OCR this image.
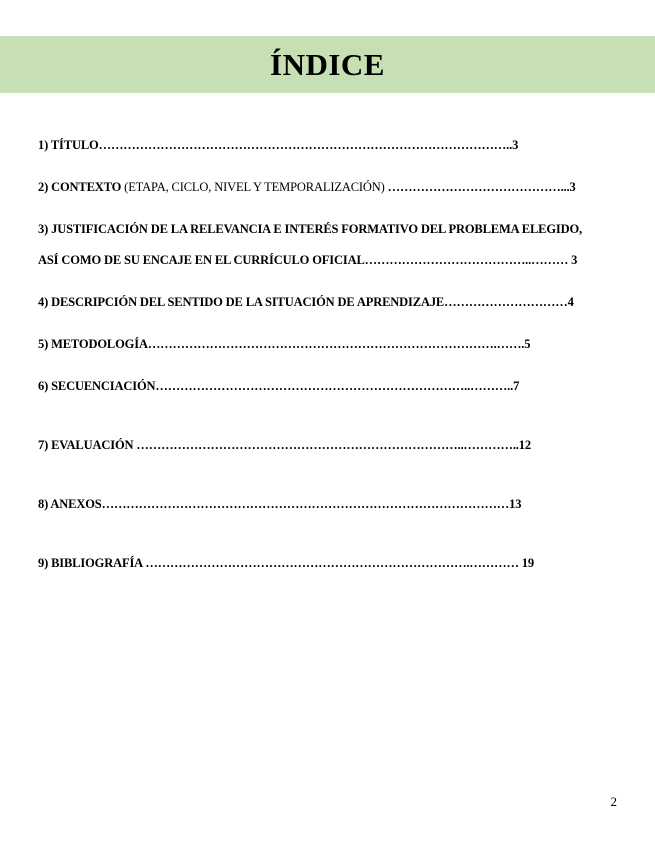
ÍNDICE
1) TÍTULO………………………………………………………………………………………..3
2) CONTEXTO (ETAPA, CICLO, NIVEL Y TEMPORALIZACIÓN) ……………………………………...3
3) JUSTIFICACIÓN DE LA RELEVANCIA E INTERÉS FORMATIVO DEL PROBLEMA ELEGIDO,
ASÍ COMO DE SU ENCAJE EN EL CURRÍCULO OFICIAL…………………………………..……… 3
4) DESCRIPCIÓN DEL SENTIDO DE LA SITUACIÓN DE APRENDIZAJE…………………………4
5) METODOLOGÍA………………………………………………………………………….…….5
6) SECUENCIACIÓN…………………………………………………………………..………..7
7) EVALUACIÓN ……………………………………………………………………..…………..12
8) ANEXOS………………………………………………………………………………………13
9) BIBLIOGRAFÍA …………………………………………………………………….………… 19
2
